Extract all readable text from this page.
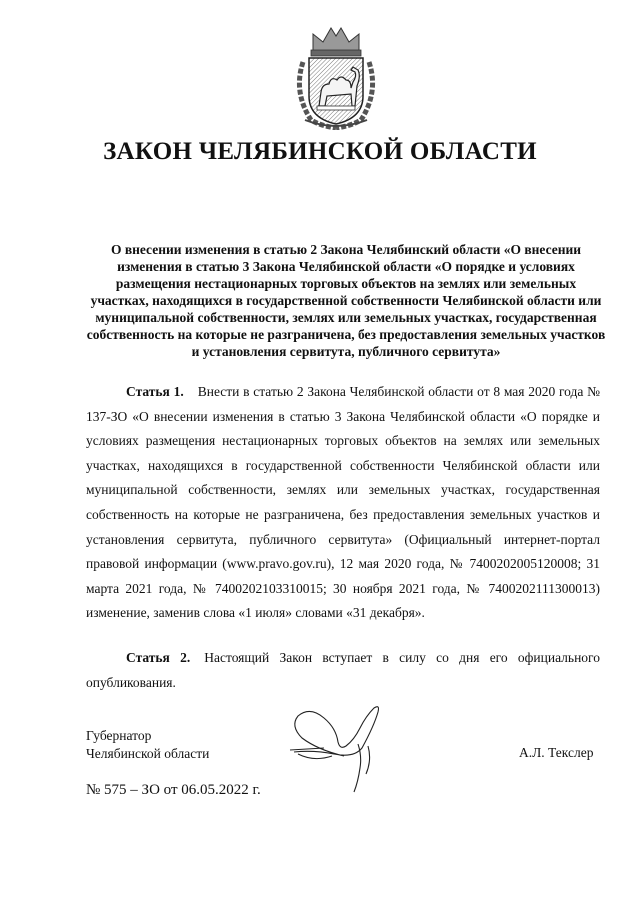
ЗАКОН ЧЕЛЯБИНСКОЙ ОБЛАСТИ

О внесении изменения в статью 2 Закона Челябинский области «О внесении изменения в статью 3 Закона Челябинской области «О порядке и условиях размещения нестационарных торговых объектов на землях или земельных участках, находящихся в государственной собственности Челябинской области или муниципальной собственности, землях или земельных участках, государственная собственность на которые не разграничена, без предоставления земельных участков и установления сервитута, публичного сервитута»

Статья 1. Внести в статью 2 Закона Челябинской области от 8 мая 2020 года № 137-ЗО «О внесении изменения в статью 3 Закона Челябинской области «О порядке и условиях размещения нестационарных торговых объектов на землях или земельных участках, находящихся в государственной собственности Челябинской области или муниципальной собственности, землях или земельных участках, государственная собственность на которые не разграничена, без предоставления земельных участков и установления сервитута, публичного сервитута» (Официальный интернет-портал правовой информации (www.pravo.gov.ru), 12 мая 2020 года, № 7400202005120008; 31 марта 2021 года, № 7400202103310015; 30 ноября 2021 года, № 7400202111300013) изменение, заменив слова «1 июля» словами «31 декабря».

Статья 2. Настоящий Закон вступает в силу со дня его официального опубликования.

Губернатор
Челябинской области	А.Л. Текслер

№ 575 – ЗО от 06.05.2022 г.
